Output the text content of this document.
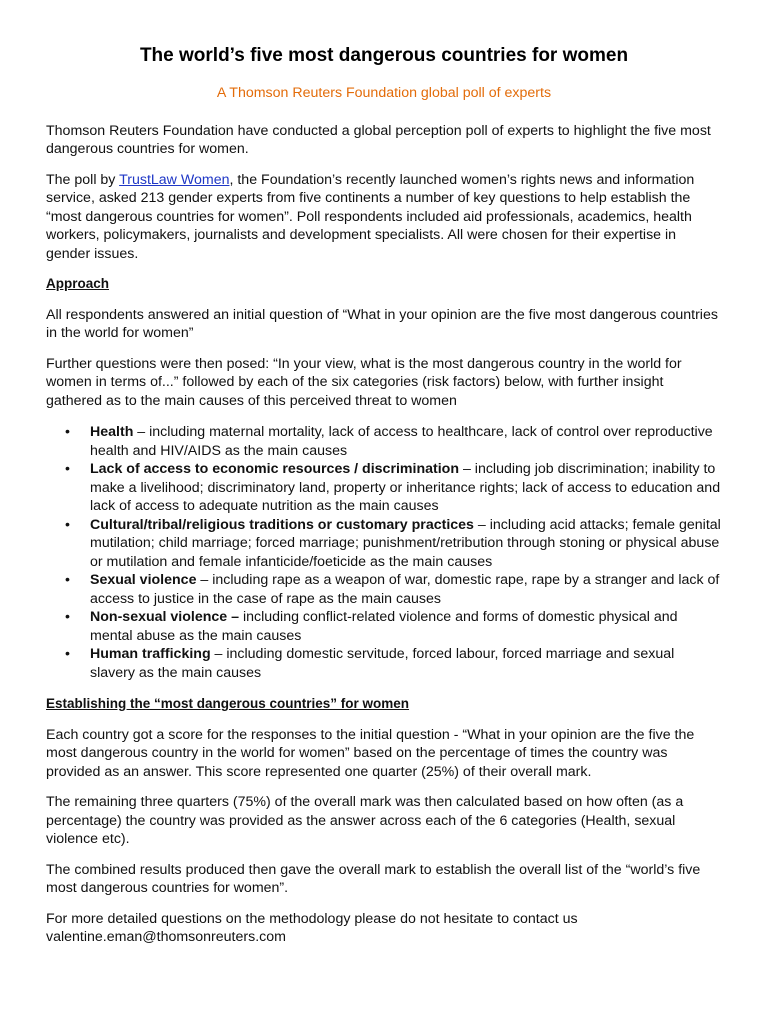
The world’s five most dangerous countries for women
A Thomson Reuters Foundation global poll of experts

Thomson Reuters Foundation have conducted a global perception poll of experts to highlight the five most dangerous countries for women.

The poll by TrustLaw Women, the Foundation’s recently launched women’s rights news and information service, asked 213 gender experts from five continents a number of key questions to help establish the “most dangerous countries for women”. Poll respondents included aid professionals, academics, health workers, policymakers, journalists and development specialists. All were chosen for their expertise in gender issues.

Approach

All respondents answered an initial question of “What in your opinion are the five most dangerous countries in the world for women”

Further questions were then posed: “In your view, what is the most dangerous country in the world for women in terms of...” followed by each of the six categories (risk factors) below, with further insight gathered as to the main causes of this perceived threat to women

• Health – including maternal mortality, lack of access to healthcare, lack of control over reproductive health and HIV/AIDS as the main causes
• Lack of access to economic resources / discrimination – including job discrimination; inability to make a livelihood; discriminatory land, property or inheritance rights; lack of access to education and lack of access to adequate nutrition as the main causes
• Cultural/tribal/religious traditions or customary practices – including acid attacks; female genital mutilation; child marriage; forced marriage; punishment/retribution through stoning or physical abuse or mutilation and female infanticide/foeticide as the main causes
• Sexual violence – including rape as a weapon of war, domestic rape, rape by a stranger and lack of access to justice in the case of rape as the main causes
• Non-sexual violence – including conflict-related violence and forms of domestic physical and mental abuse as the main causes
• Human trafficking – including domestic servitude, forced labour, forced marriage and sexual slavery as the main causes
Establishing the “most dangerous countries” for women

Each country got a score for the responses to the initial question - “What in your opinion are the five the most dangerous country in the world for women” based on the percentage of times the country was provided as an answer. This score represented one quarter (25%) of their overall mark.

The remaining three quarters (75%) of the overall mark was then calculated based on how often (as a percentage) the country was provided as the answer across each of the 6 categories (Health, sexual violence etc).

The combined results produced then gave the overall mark to establish the overall list of the “world’s five most dangerous countries for women”.

For more detailed questions on the methodology please do not hesitate to contact us
valentine.eman@thomsonreuters.com
